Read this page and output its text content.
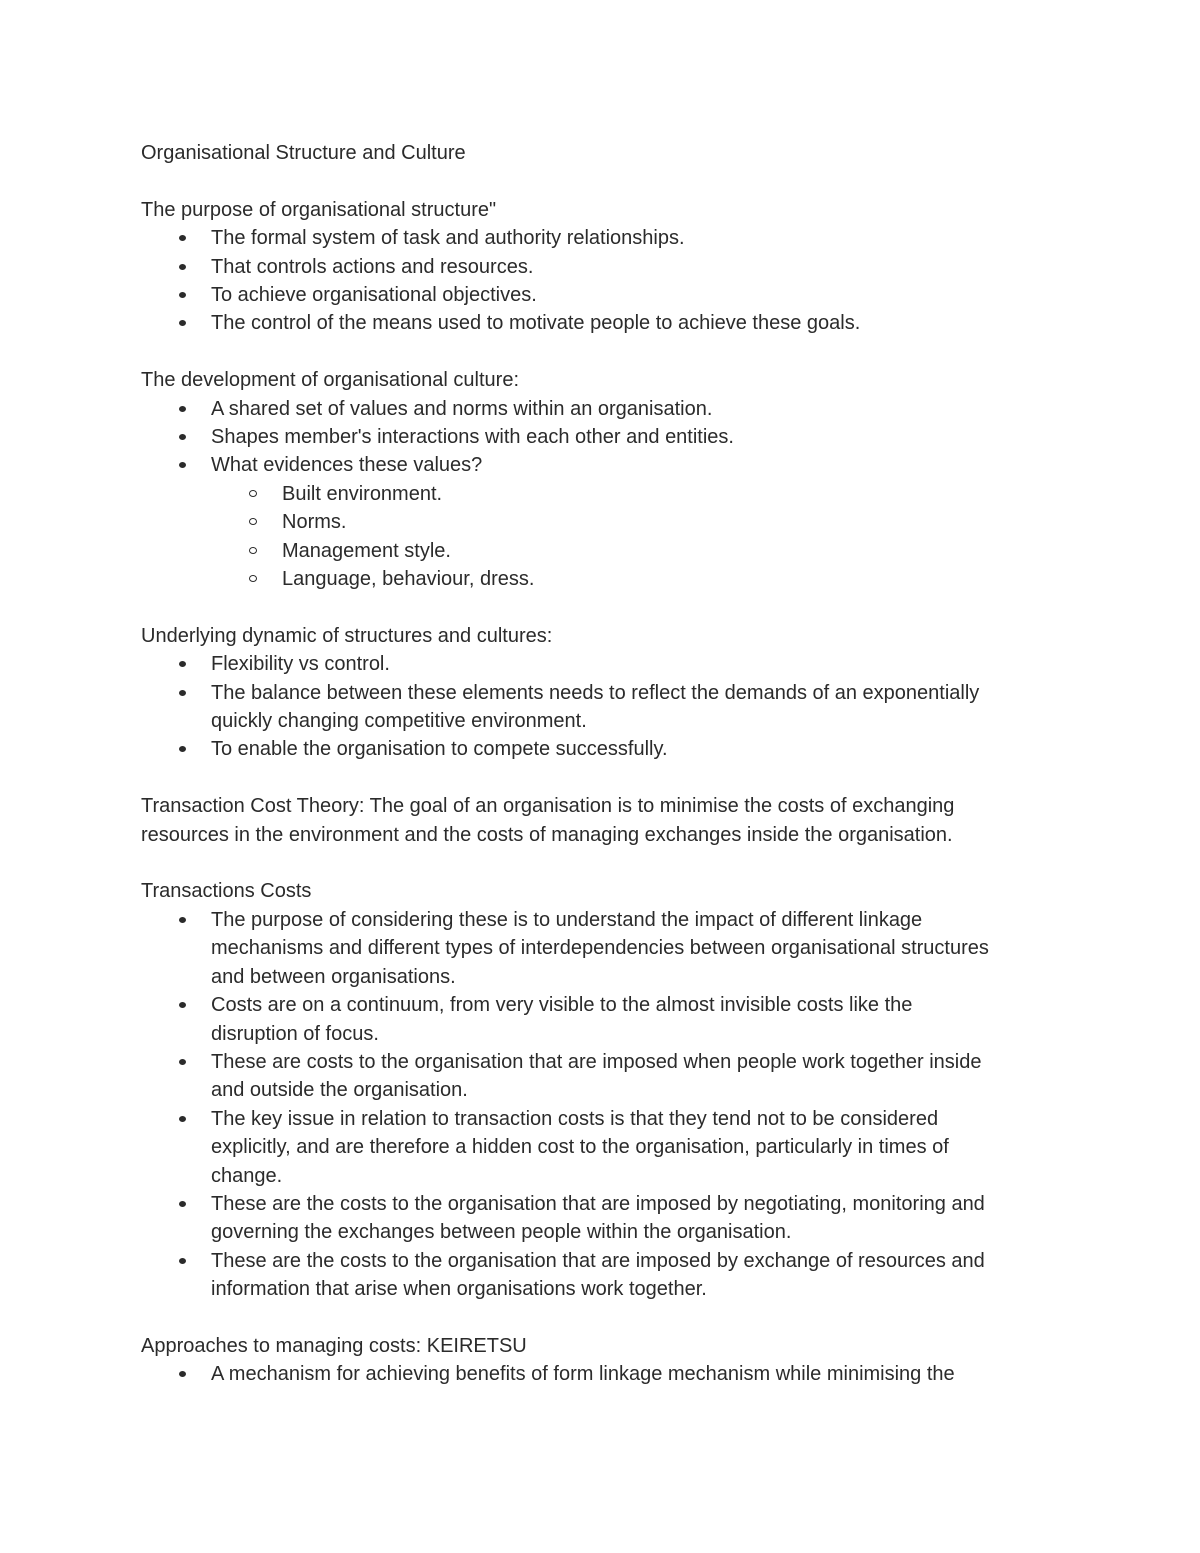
Organisational Structure and Culture

The purpose of organisational structure"

The formal system of task and authority relationships.
That controls actions and resources.
To achieve organisational objectives.
The control of the means used to motivate people to achieve these goals.

The development of organisational culture:

A shared set of values and norms within an organisation.
Shapes member's interactions with each other and entities.
What evidences these values?
Built environment.
Norms.
Management style.
Language, behaviour, dress.

Underlying dynamic of structures and cultures:

Flexibility vs control.
The balance between these elements needs to reflect the demands of an exponentially
quickly changing competitive environment.
To enable the organisation to compete successfully.

Transaction Cost Theory: The goal of an organisation is to minimise the costs of exchanging

resources in the environment and the costs of managing exchanges inside the organisation.

Transactions Costs

The purpose of considering these is to understand the impact of different linkage
mechanisms and different types of interdependencies between organisational structures
and between organisations.
Costs are on a continuum, from very visible to the almost invisible costs like the
disruption of focus.
These are costs to the organisation that are imposed when people work together inside
and outside the organisation.
The key issue in relation to transaction costs is that they tend not to be considered
explicitly, and are therefore a hidden cost to the organisation, particularly in times of
change.
These are the costs to the organisation that are imposed by negotiating, monitoring and
governing the exchanges between people within the organisation.
These are the costs to the organisation that are imposed by exchange of resources and
information that arise when organisations work together.

Approaches to managing costs: KEIRETSU

A mechanism for achieving benefits of form linkage mechanism while minimising the
